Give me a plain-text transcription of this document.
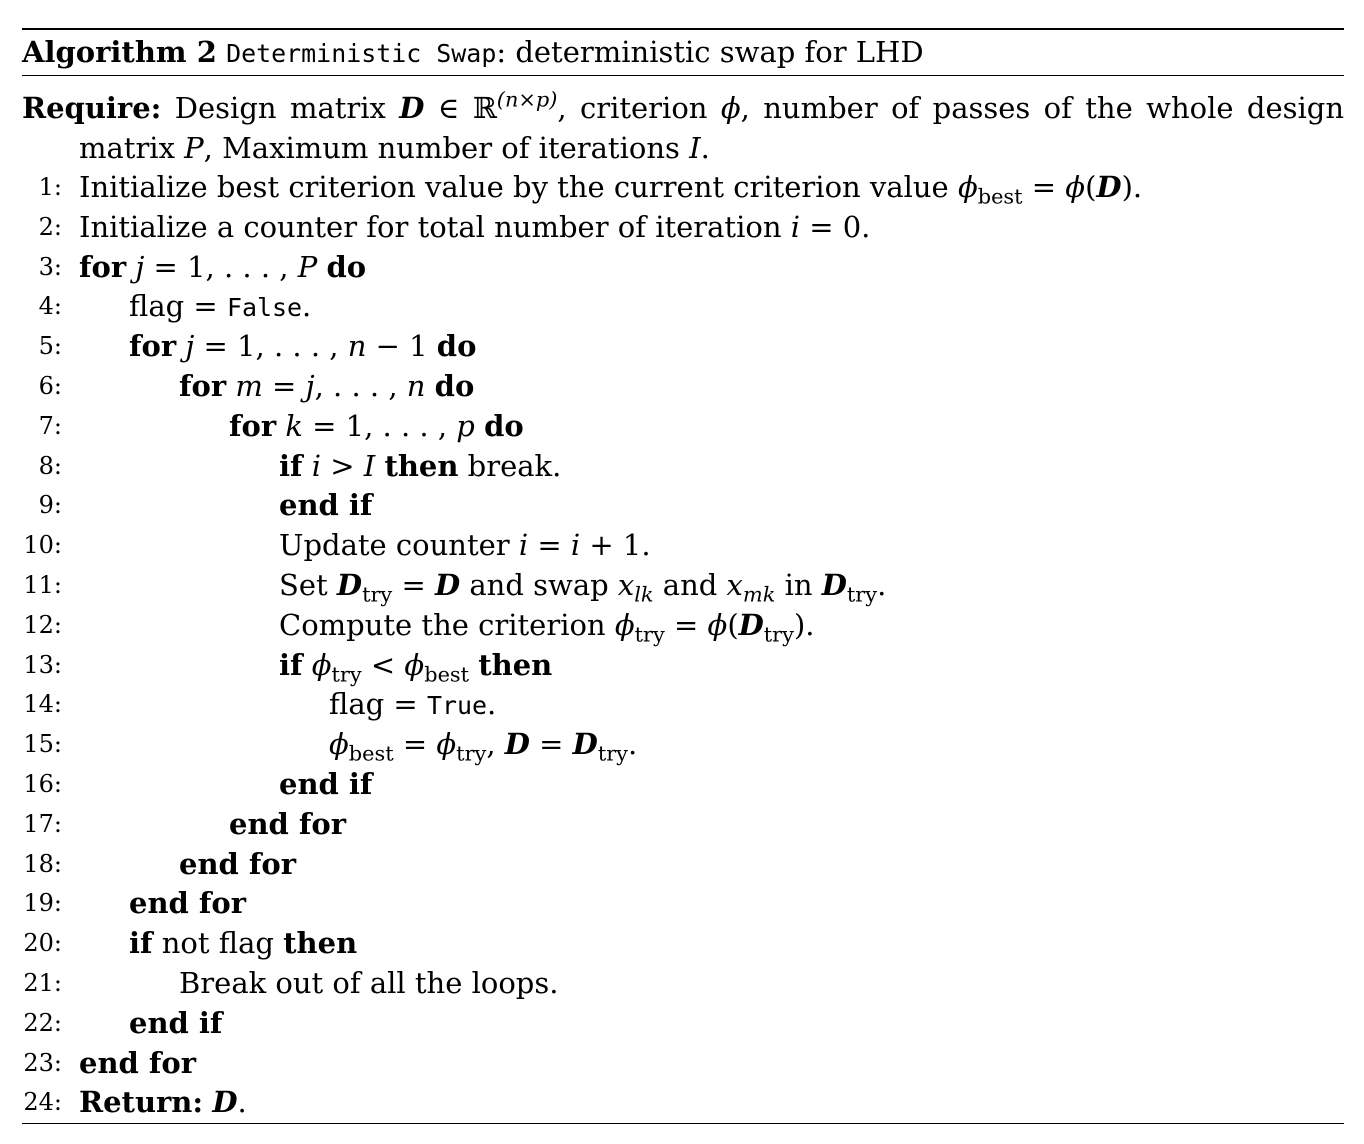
Algorithm 2 Deterministic Swap: deterministic swap for LHD
Require: Design matrix D ∈ ℝ$^{(n\times p)}$, criterion ϕ, number of passes of the whole design matrix P, Maximum number of iterations I.
1: Initialize best criterion value by the current criterion value $\phi_{best} = \phi(D)$.
2: Initialize a counter for total number of iteration i = 0.
3: for j = 1, . . . , P do
4:	flag = False.
5:	for j = 1, . . . , n − 1 do
6:	for m = j, . . . , n do
7:	for k = 1, . . . , p do
8:	if i > I then break.
9:	end if
10:	Update counter i = i + 1.
11:	Set $D_{try} = D$ and swap $x_{lk}$ and $x_{mk}$ in $D_{try}$.
12:	Compute the criterion $\phi_{try} = \phi(D_{try})$.
13:	if $\phi_{try} < \phi_{best}$ then
14:	flag = True.
15:	$\phi_{best} = \phi_{try}$, $D = D_{try}$.
16:	end if
17:	end for
18:	end for
19:	end for
20:	if not flag then
21:	Break out of all the loops.
22:	end if
23: end for
24: Return: D.
